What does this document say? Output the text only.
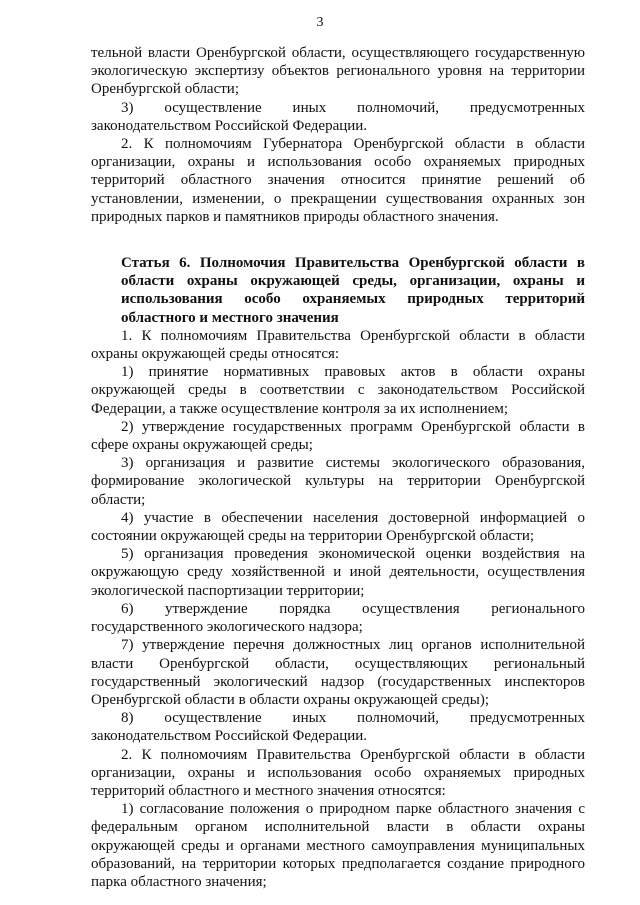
3

тельной власти Оренбургской области, осуществляющего государственную экологическую экспертизу объектов регионального уровня на территории Оренбургской области;

3) осуществление иных полномочий, предусмотренных законодательством Российской Федерации.

2. К полномочиям Губернатора Оренбургской области в области организации, охраны и использования особо охраняемых природных территорий областного значения относится принятие решений об установлении, изменении, о прекращении существования охранных зон природных парков и памятников природы областного значения.

Статья 6. Полномочия Правительства Оренбургской области в области охраны окружающей среды, организации, охраны и использования особо охраняемых природных территорий областного и местного значения

1. К полномочиям Правительства Оренбургской области в области охраны окружающей среды относятся:

1) принятие нормативных правовых актов в области охраны окружающей среды в соответствии с законодательством Российской Федерации, а также осуществление контроля за их исполнением;

2) утверждение государственных программ Оренбургской области в сфере охраны окружающей среды;

3) организация и развитие системы экологического образования, формирование экологической культуры на территории Оренбургской области;

4) участие в обеспечении населения достоверной информацией о состоянии окружающей среды на территории Оренбургской области;

5) организация проведения экономической оценки воздействия на окружающую среду хозяйственной и иной деятельности, осуществления экологической паспортизации территории;

6) утверждение порядка осуществления регионального государственного экологического надзора;

7) утверждение перечня должностных лиц органов исполнительной власти Оренбургской области, осуществляющих региональный государственный экологический надзор (государственных инспекторов Оренбургской области в области охраны окружающей среды);

8) осуществление иных полномочий, предусмотренных законодательством Российской Федерации.

2. К полномочиям Правительства Оренбургской области в области организации, охраны и использования особо охраняемых природных территорий областного и местного значения относятся:

1) согласование положения о природном парке областного значения с федеральным органом исполнительной власти в области охраны окружающей среды и органами местного самоуправления муниципальных образований, на территории которых предполагается создание природного парка областного значения;
